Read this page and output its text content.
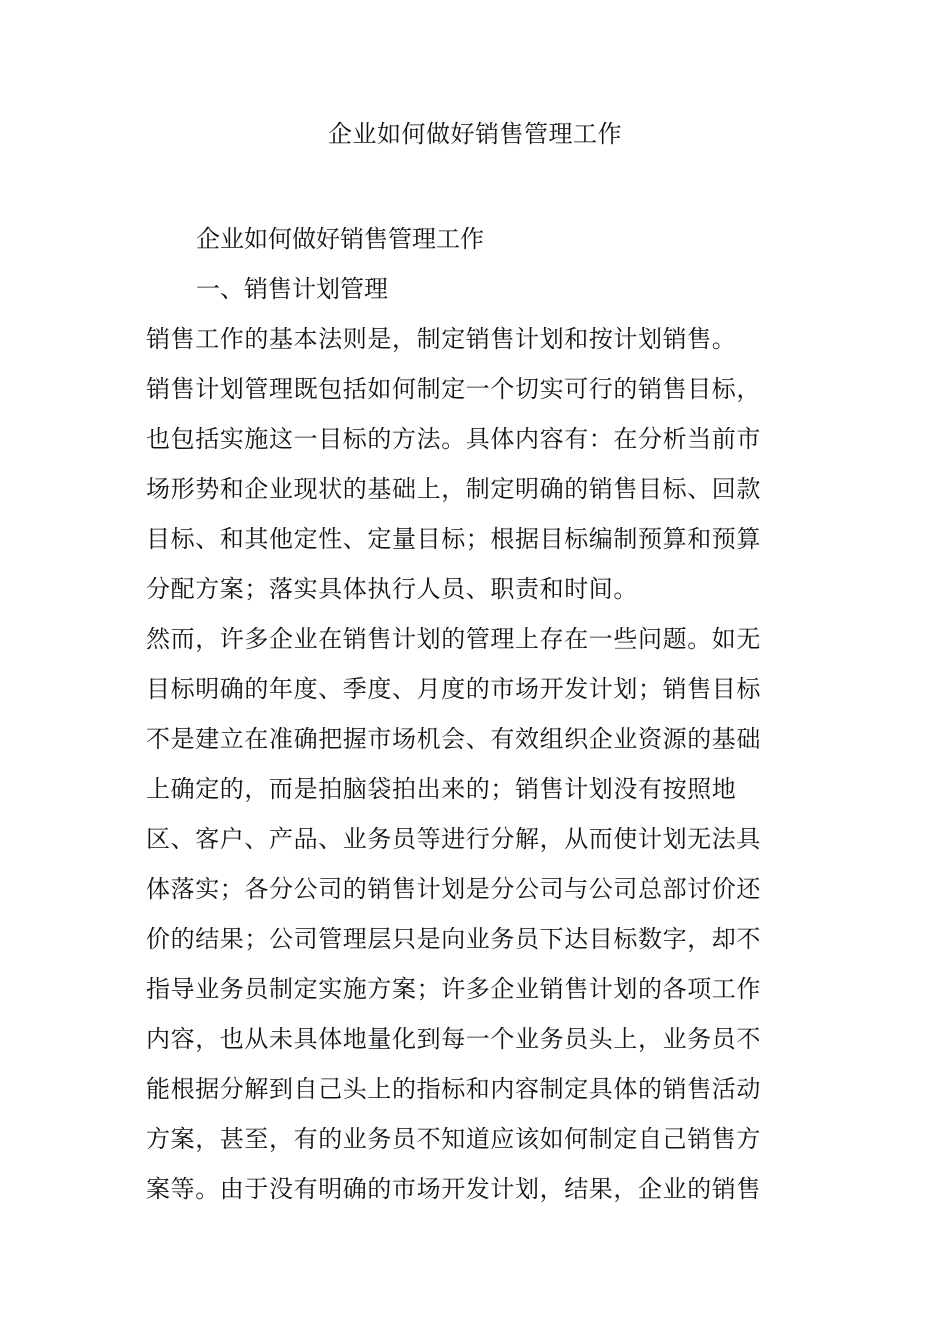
企业如何做好销售管理工作
企业如何做好销售管理工作
一、销售计划管理
销售工作的基本法则是，制定销售计划和按计划销售。
销售计划管理既包括如何制定一个切实可行的销售目标，
也包括实施这一目标的方法。具体内容有：在分析当前市
场形势和企业现状的基础上，制定明确的销售目标、回款
目标、和其他定性、定量目标；根据目标编制预算和预算
分配方案；落实具体执行人员、职责和时间。
然而，许多企业在销售计划的管理上存在一些问题。如无
目标明确的年度、季度、月度的市场开发计划；销售目标
不是建立在准确把握市场机会、有效组织企业资源的基础
上确定的，而是拍脑袋拍出来的；销售计划没有按照地
区、客户、产品、业务员等进行分解，从而使计划无法具
体落实；各分公司的销售计划是分公司与公司总部讨价还
价的结果；公司管理层只是向业务员下达目标数字，却不
指导业务员制定实施方案；许多企业销售计划的各项工作
内容，也从未具体地量化到每一个业务员头上，业务员不
能根据分解到自己头上的指标和内容制定具体的销售活动
方案，甚至，有的业务员不知道应该如何制定自己销售方
案等。由于没有明确的市场开发计划，结果，企业的销售
